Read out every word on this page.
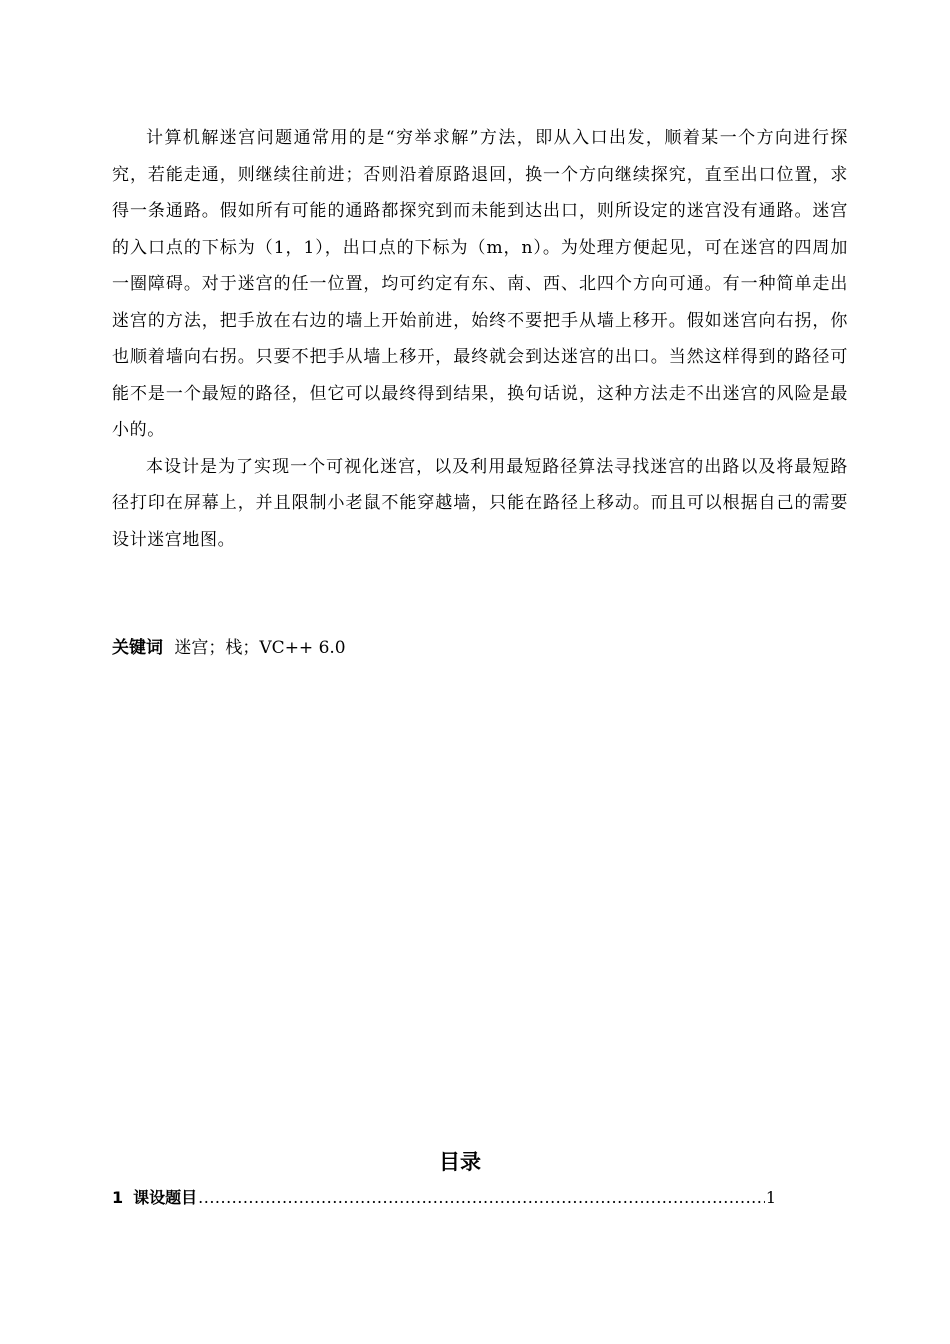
计算机解迷宫问题通常用的是“穷举求解”方法，即从入口出发，顺着某一个方向进行探究，若能走通，则继续往前进；否则沿着原路退回，换一个方向继续探究，直至出口位置，求得一条通路。假如所有可能的通路都探究到而未能到达出口，则所设定的迷宫没有通路。迷宫的入口点的下标为（1，1），出口点的下标为（m，n）。为处理方便起见，可在迷宫的四周加一圈障碍。对于迷宫的任一位置，均可约定有东、南、西、北四个方向可通。有一种简单走出迷宫的方法，把手放在右边的墙上开始前进，始终不要把手从墙上移开。假如迷宫向右拐，你也顺着墙向右拐。只要不把手从墙上移开，最终就会到达迷宫的出口。当然这样得到的路径可能不是一个最短的路径，但它可以最终得到结果，换句话说，这种方法走不出迷宫的风险是最小的。

本设计是为了实现一个可视化迷宫，以及利用最短路径算法寻找迷宫的出路以及将最短路径打印在屏幕上，并且限制小老鼠不能穿越墙，只能在路径上移动。而且可以根据自己的需要设计迷宫地图。

关键词 迷宫；栈；VC++ 6.0
目录
1 课设题目
.....	1
